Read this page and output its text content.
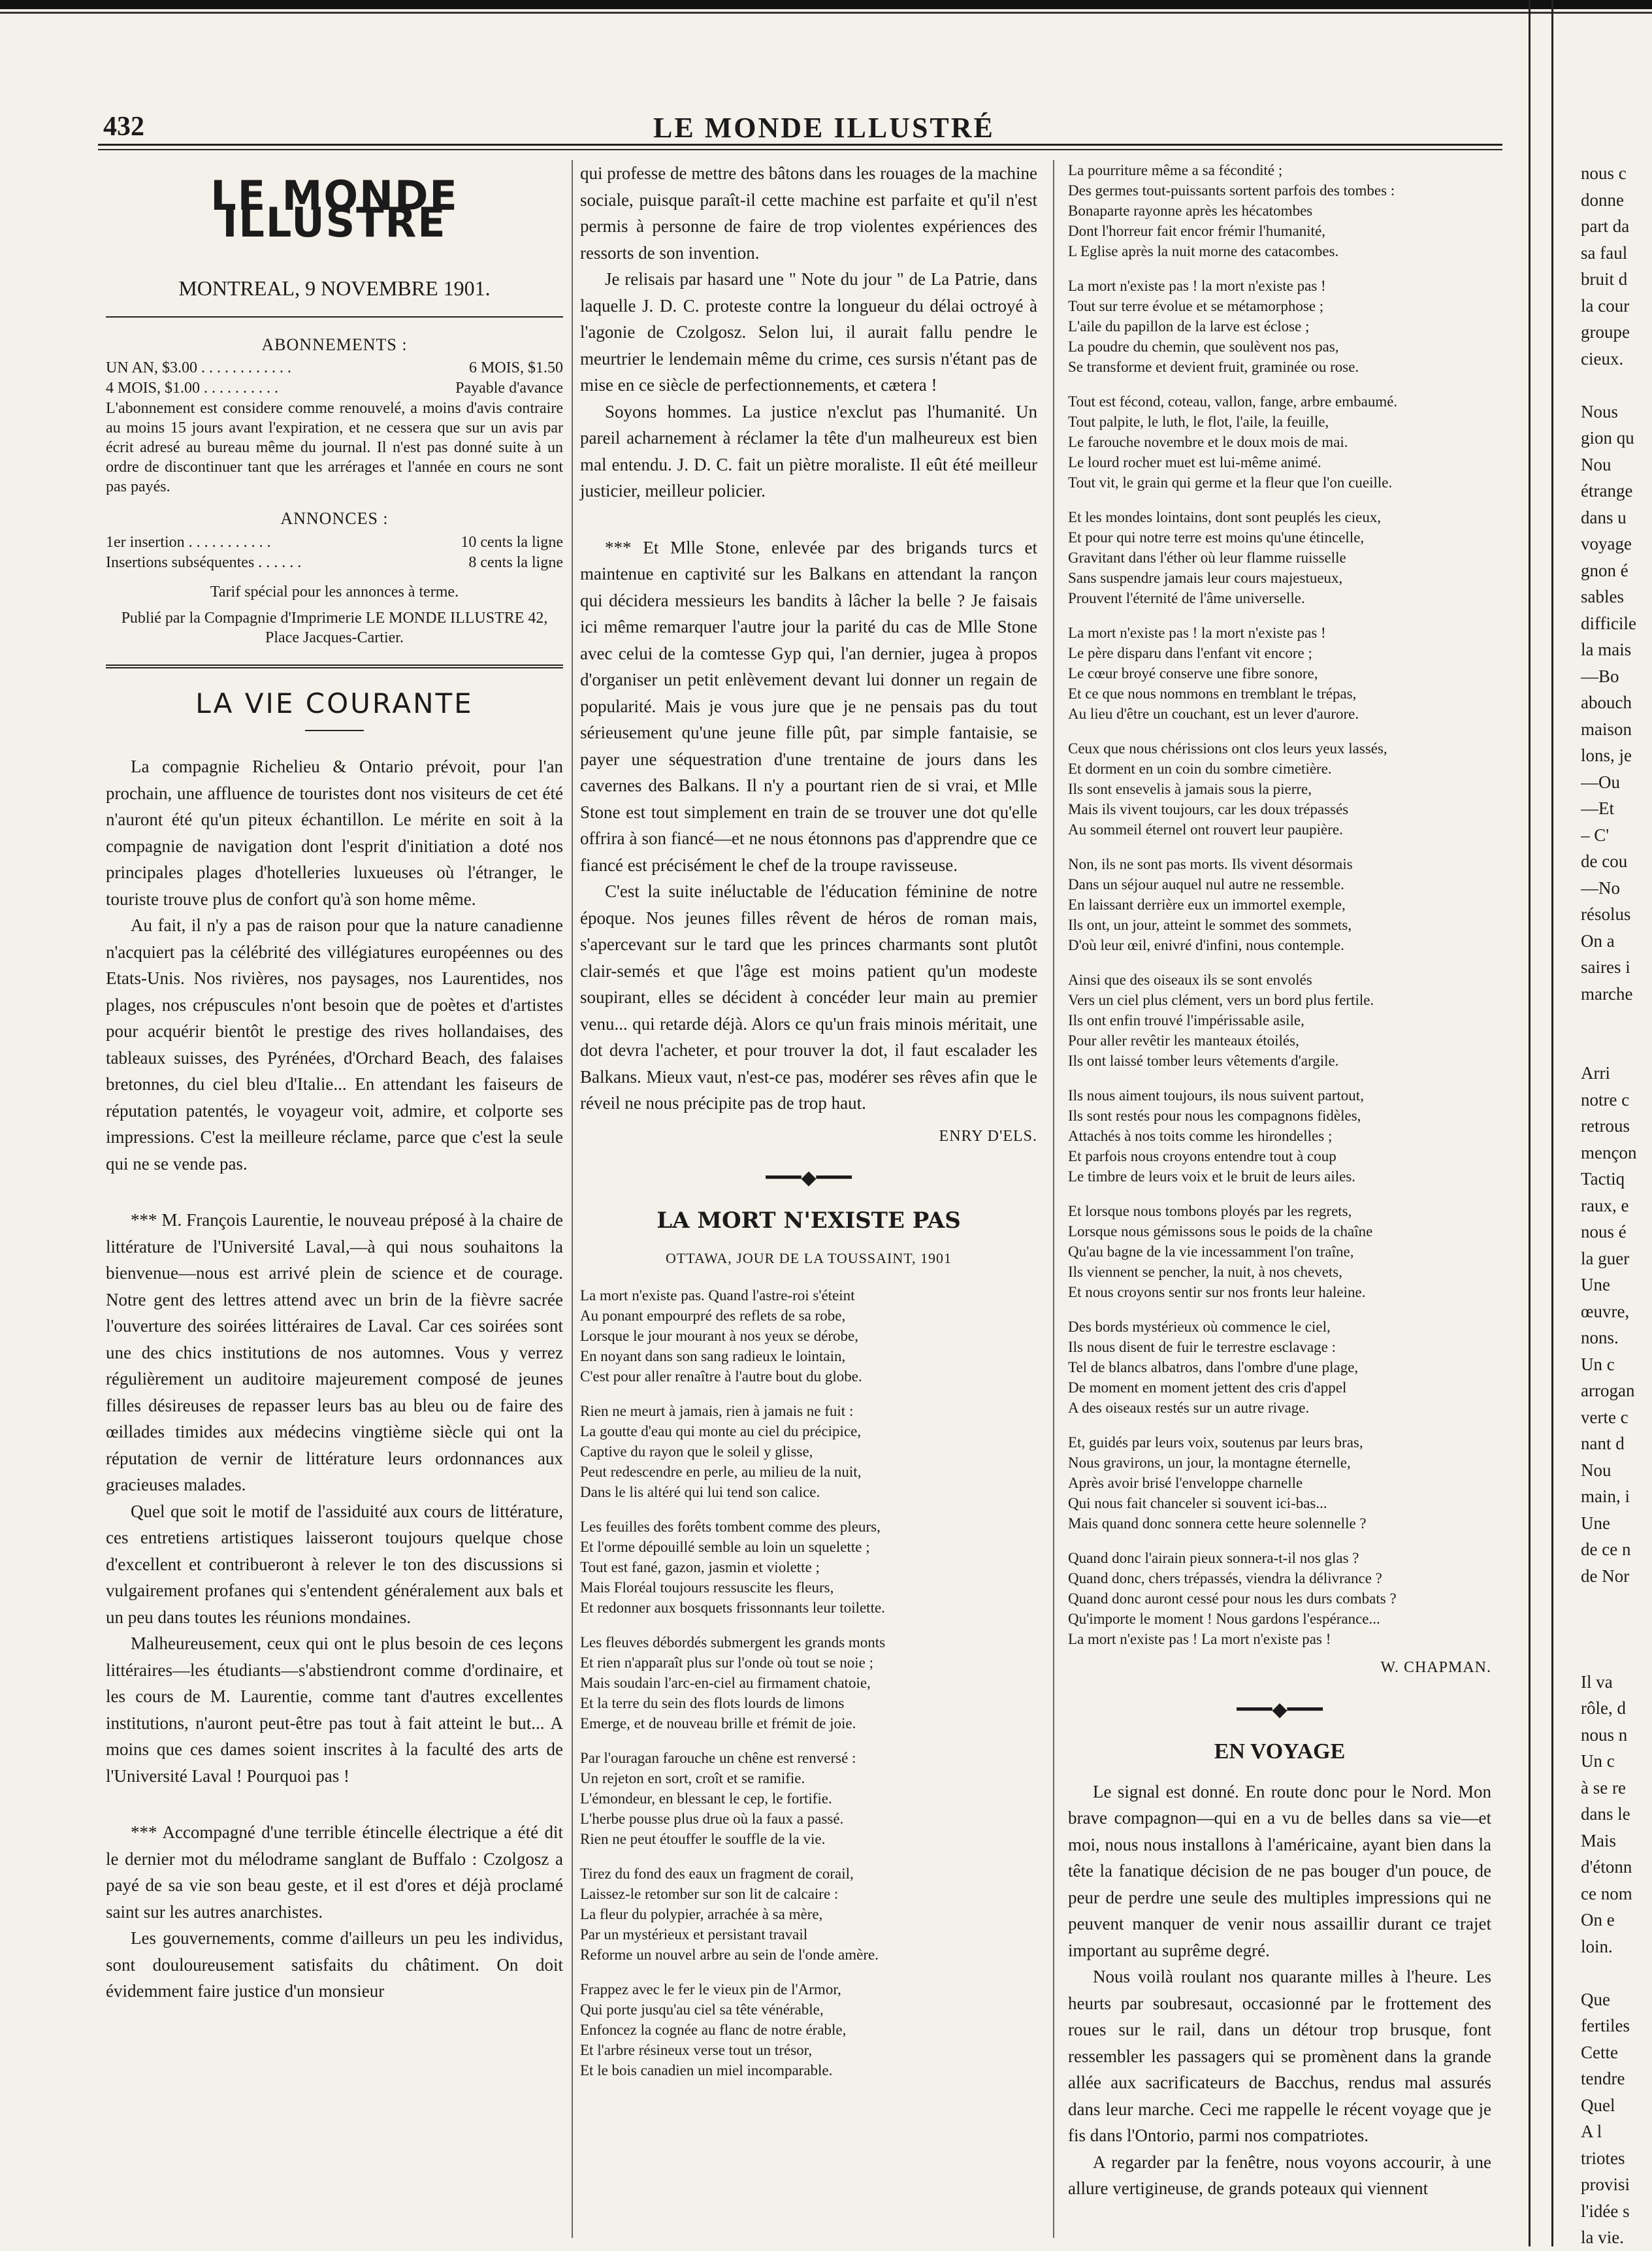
432	LE MONDE ILLUSTRÉ
LE MONDE ILLUSTRE
MONTREAL, 9 NOVEMBRE 1901.
ABONNEMENTS :
UN AN, $3.00 . . . . . . . . . . . .	6 MOIS, $1.50
4 MOIS, $1.00 . . . . . . . . . .	Payable d'avance
L'abonnement est considere comme renouvelé, a moins d'avis contraire au moins 15 jours avant l'expiration, et ne cessera que sur un avis par écrit adresé au bureau même du journal. Il n'est pas donné suite à un ordre de discontinuer tant que les arrérages et l'année en cours ne sont pas payés.
ANNONCES :
1er insertion . . . . . . . . . . .	10 cents la ligne
Insertions subséquentes . . . . . .	8 cents la ligne
Tarif spécial pour les annonces à terme.
Publié par la Compagnie d'Imprimerie LE MONDE ILLUSTRE 42, Place Jacques-Cartier.
LA VIE COURANTE

La compagnie Richelieu & Ontario prévoit, pour l'an prochain, une affluence de touristes dont nos visiteurs de cet été n'auront été qu'un piteux échantillon. Le mérite en soit à la compagnie de navigation dont l'esprit d'initiation a doté nos principales plages d'hotelleries luxueuses où l'étranger, le touriste trouve plus de confort qu'à son home même.

Au fait, il n'y a pas de raison pour que la nature canadienne n'acquiert pas la célébrité des villégiatures européennes ou des Etats-Unis. Nos rivières, nos paysages, nos Laurentides, nos plages, nos crépuscules n'ont besoin que de poètes et d'artistes pour acquérir bientôt le prestige des rives hollandaises, des tableaux suisses, des Pyrénées, d'Orchard Beach, des falaises bretonnes, du ciel bleu d'Italie... En attendant les faiseurs de réputation patentés, le voyageur voit, admire, et colporte ses impressions. C'est la meilleure réclame, parce que c'est la seule qui ne se vende pas.

*** M. François Laurentie, le nouveau préposé à la chaire de littérature de l'Université Laval,—à qui nous souhaitons la bienvenue—nous est arrivé plein de science et de courage. Notre gent des lettres attend avec un brin de la fièvre sacrée l'ouverture des soirées littéraires de Laval. Car ces soirées sont une des chics institutions de nos automnes. Vous y verrez régulièrement un auditoire majeurement composé de jeunes filles désireuses de repasser leurs bas au bleu ou de faire des œillades timides aux médecins vingtième siècle qui ont la réputation de vernir de littérature leurs ordonnances aux gracieuses malades.

Quel que soit le motif de l'assiduité aux cours de littérature, ces entretiens artistiques laisseront toujours quelque chose d'excellent et contribueront à relever le ton des discussions si vulgairement profanes qui s'entendent généralement aux bals et un peu dans toutes les réunions mondaines.

Malheureusement, ceux qui ont le plus besoin de ces leçons littéraires—les étudiants—s'abstiendront comme d'ordinaire, et les cours de M. Laurentie, comme tant d'autres excellentes institutions, n'auront peut-être pas tout à fait atteint le but... A moins que ces dames soient inscrites à la faculté des arts de l'Université Laval ! Pourquoi pas !

*** Accompagné d'une terrible étincelle électrique a été dit le dernier mot du mélodrame sanglant de Buffalo : Czolgosz a payé de sa vie son beau geste, et il est d'ores et déjà proclamé saint sur les autres anarchistes.

Les gouvernements, comme d'ailleurs un peu les individus, sont douloureusement satisfaits du châtiment. On doit évidemment faire justice d'un monsieur

qui professe de mettre des bâtons dans les rouages de la machine sociale, puisque paraît-il cette machine est parfaite et qu'il n'est permis à personne de faire de trop violentes expériences des ressorts de son invention.

Je relisais par hasard une " Note du jour " de La Patrie, dans laquelle J. D. C. proteste contre la longueur du délai octroyé à l'agonie de Czolgosz. Selon lui, il aurait fallu pendre le meurtrier le lendemain même du crime, ces sursis n'étant pas de mise en ce siècle de perfectionnements, et cætera !

Soyons hommes. La justice n'exclut pas l'humanité. Un pareil acharnement à réclamer la tête d'un malheureux est bien mal entendu. J. D. C. fait un piètre moraliste. Il eût été meilleur justicier, meilleur policier.

*** Et Mlle Stone, enlevée par des brigands turcs et maintenue en captivité sur les Balkans en attendant la rançon qui décidera messieurs les bandits à lâcher la belle ? Je faisais ici même remarquer l'autre jour la parité du cas de Mlle Stone avec celui de la comtesse Gyp qui, l'an dernier, jugea à propos d'organiser un petit enlèvement devant lui donner un regain de popularité. Mais je vous jure que je ne pensais pas du tout sérieusement qu'une jeune fille pût, par simple fantaisie, se payer une séquestration d'une trentaine de jours dans les cavernes des Balkans. Il n'y a pourtant rien de si vrai, et Mlle Stone est tout simplement en train de se trouver une dot qu'elle offrira à son fiancé—et ne nous étonnons pas d'apprendre que ce fiancé est précisément le chef de la troupe ravisseuse.

C'est la suite inéluctable de l'éducation féminine de notre époque. Nos jeunes filles rêvent de héros de roman mais, s'apercevant sur le tard que les princes charmants sont plutôt clair-semés et que l'âge est moins patient qu'un modeste soupirant, elles se décident à concéder leur main au premier venu... qui retarde déjà. Alors ce qu'un frais minois méritait, une dot devra l'acheter, et pour trouver la dot, il faut escalader les Balkans. Mieux vaut, n'est-ce pas, modérer ses rêves afin que le réveil ne nous précipite pas de trop haut.

ENRY D'ELS.
━━━◆━━━
LA MORT N'EXISTE PAS
OTTAWA, JOUR DE LA TOUSSAINT, 1901
La mort n'existe pas. Quand l'astre-roi s'éteint
Au ponant empourpré des reflets de sa robe,
Lorsque le jour mourant à nos yeux se dérobe,
En noyant dans son sang radieux le lointain,
C'est pour aller renaître à l'autre bout du globe.
Rien ne meurt à jamais, rien à jamais ne fuit :
La goutte d'eau qui monte au ciel du précipice,
Captive du rayon que le soleil y glisse,
Peut redescendre en perle, au milieu de la nuit,
Dans le lis altéré qui lui tend son calice.
Les feuilles des forêts tombent comme des pleurs,
Et l'orme dépouillé semble au loin un squelette ;
Tout est fané, gazon, jasmin et violette ;
Mais Floréal toujours ressuscite les fleurs,
Et redonner aux bosquets frissonnants leur toilette.
Les fleuves débordés submergent les grands monts
Et rien n'apparaît plus sur l'onde où tout se noie ;
Mais soudain l'arc-en-ciel au firmament chatoie,
Et la terre du sein des flots lourds de limons
Emerge, et de nouveau brille et frémit de joie.
Par l'ouragan farouche un chêne est renversé :
Un rejeton en sort, croît et se ramifie.
L'émondeur, en blessant le cep, le fortifie.
L'herbe pousse plus drue où la faux a passé.
Rien ne peut étouffer le souffle de la vie.
Tirez du fond des eaux un fragment de corail,
Laissez-le retomber sur son lit de calcaire :
La fleur du polypier, arrachée à sa mère,
Par un mystérieux et persistant travail
Reforme un nouvel arbre au sein de l'onde amère.
Frappez avec le fer le vieux pin de l'Armor,
Qui porte jusqu'au ciel sa tête vénérable,
Enfoncez la cognée au flanc de notre érable,
Et l'arbre résineux verse tout un trésor,
Et le bois canadien un miel incomparable.
La pourriture même a sa fécondité ;
Des germes tout-puissants sortent parfois des tombes :
Bonaparte rayonne après les hécatombes
Dont l'horreur fait encor frémir l'humanité,
L Eglise après la nuit morne des catacombes.
La mort n'existe pas ! la mort n'existe pas !
Tout sur terre évolue et se métamorphose ;
L'aile du papillon de la larve est éclose ;
La poudre du chemin, que soulèvent nos pas,
Se transforme et devient fruit, graminée ou rose.
Tout est fécond, coteau, vallon, fange, arbre embaumé.
Tout palpite, le luth, le flot, l'aile, la feuille,
Le farouche novembre et le doux mois de mai.
Le lourd rocher muet est lui-même animé.
Tout vit, le grain qui germe et la fleur que l'on cueille.
Et les mondes lointains, dont sont peuplés les cieux,
Et pour qui notre terre est moins qu'une étincelle,
Gravitant dans l'éther où leur flamme ruisselle
Sans suspendre jamais leur cours majestueux,
Prouvent l'éternité de l'âme universelle.
La mort n'existe pas ! la mort n'existe pas !
Le père disparu dans l'enfant vit encore ;
Le cœur broyé conserve une fibre sonore,
Et ce que nous nommons en tremblant le trépas,
Au lieu d'être un couchant, est un lever d'aurore.
Ceux que nous chérissions ont clos leurs yeux lassés,
Et dorment en un coin du sombre cimetière.
Ils sont ensevelis à jamais sous la pierre,
Mais ils vivent toujours, car les doux trépassés
Au sommeil éternel ont rouvert leur paupière.
Non, ils ne sont pas morts. Ils vivent désormais
Dans un séjour auquel nul autre ne ressemble.
En laissant derrière eux un immortel exemple,
Ils ont, un jour, atteint le sommet des sommets,
D'où leur œil, enivré d'infini, nous contemple.
Ainsi que des oiseaux ils se sont envolés
Vers un ciel plus clément, vers un bord plus fertile.
Ils ont enfin trouvé l'impérissable asile,
Pour aller revêtir les manteaux étoilés,
Ils ont laissé tomber leurs vêtements d'argile.
Ils nous aiment toujours, ils nous suivent partout,
Ils sont restés pour nous les compagnons fidèles,
Attachés à nos toits comme les hirondelles ;
Et parfois nous croyons entendre tout à coup
Le timbre de leurs voix et le bruit de leurs ailes.
Et lorsque nous tombons ployés par les regrets,
Lorsque nous gémissons sous le poids de la chaîne
Qu'au bagne de la vie incessamment l'on traîne,
Ils viennent se pencher, la nuit, à nos chevets,
Et nous croyons sentir sur nos fronts leur haleine.
Des bords mystérieux où commence le ciel,
Ils nous disent de fuir le terrestre esclavage :
Tel de blancs albatros, dans l'ombre d'une plage,
De moment en moment jettent des cris d'appel
A des oiseaux restés sur un autre rivage.
Et, guidés par leurs voix, soutenus par leurs bras,
Nous gravirons, un jour, la montagne éternelle,
Après avoir brisé l'enveloppe charnelle
Qui nous fait chanceler si souvent ici-bas...
Mais quand donc sonnera cette heure solennelle ?
Quand donc l'airain pieux sonnera-t-il nos glas ?
Quand donc, chers trépassés, viendra la délivrance ?
Quand donc auront cessé pour nous les durs combats ?
Qu'importe le moment ! Nous gardons l'espérance...
La mort n'existe pas ! La mort n'existe pas !
W. CHAPMAN.
━━━◆━━━
EN VOYAGE

Le signal est donné. En route donc pour le Nord. Mon brave compagnon—qui en a vu de belles dans sa vie—et moi, nous nous installons à l'américaine, ayant bien dans la tête la fanatique décision de ne pas bouger d'un pouce, de peur de perdre une seule des multiples impressions qui ne peuvent manquer de venir nous assaillir durant ce trajet important au suprême degré.

Nous voilà roulant nos quarante milles à l'heure. Les heurts par soubresaut, occasionné par le frottement des roues sur le rail, dans un détour trop brusque, font ressembler les passagers qui se promènent dans la grande allée aux sacrificateurs de Bacchus, rendus mal assurés dans leur marche. Ceci me rappelle le récent voyage que je fis dans l'Ontorio, parmi nos compatriotes.

A regarder par la fenêtre, nous voyons accourir, à une allure vertigineuse, de grands poteaux qui viennent

nous c
donne
part da
sa faul
bruit d
la cour
groupe
cieux.

Nous
gion qu
Nou
étrange
dans u
voyage
gnon é
sables
difficile
la mais
—Bo
abouch
maison
lons, je
—Ou
—Et
– C'
de cou
—No
résolus
On a
saires i
marche

Arri
notre c
retrous
mençon
Tactiq
raux, e
nous é
la guer
Une
œuvre,
nons.
Un c
arrogan
verte c
nant d
Nou
main, i
Une
de ce n
de Nor

Il va
rôle, d
nous n
Un c
à se re
dans le
Mais
d'étonn
ce nom
On e
loin.

Que
fertiles
Cette
tendre
Quel
A l
triotes
provisi
l'idée s
la vie.
